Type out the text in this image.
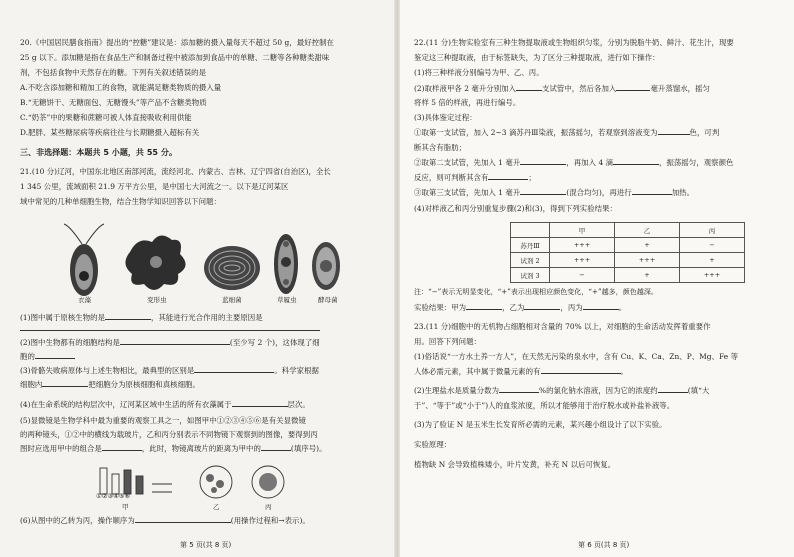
20.《中国居民膳食指南》提出的“控糖”建议是：添加糖的摄入量每天不超过 50 g，最好控制在
25 g 以下。添加糖是指在食品生产和制备过程中被添加到食品中的单糖、二糖等各种糖类甜味
剂，不包括食物中天然存在的糖。下列有关叙述错误的是
A.不吃含添加糖和精加工的食物，就能满足糖类物质的摄入量
B.“无糖饼干、无糖面包、无糖馒头”等产品不含糖类物质
C.“奶茶”中的果糖和蔗糖可被人体直接吸收利用供能
D.肥胖、某些糖尿病等疾病往往与长期糖摄入超标有关
三、非选择题：本题共 5 小题，共 55 分。
21.(10 分)辽河，中国东北地区南部河流，流经河北、内蒙古、吉林、辽宁四省(自治区)，全长
1 345 公里，流域面积 21.9 万平方公里，是中国七大河流之一。以下是辽河某区
域中常见的几种单细胞生物，结合生物学知识回答以下问题：
衣藻	变形虫	蓝细菌	草履虫	酵母菌
(1)图中属于原核生物的是	，其能进行光合作用的主要原因是
(2)图中生物都有的细胞结构是	(至少写 2 个)，这体现了细
胞的
(3)骨骼失败病原体与上述生物相比，最典型的区别是	。科学家根据
细胞内	把细胞分为原核细胞和真核细胞。
(4)在生命系统的结构层次中，辽河某区域中生活的所有衣藻属于	层次。
(5)显微镜是生物学科中最为重要的观察工具之一，如图甲中①②③④⑤⑥是有关显微镜
的两种镜头，①②中的横线为载玻片，乙和丙分别表示不同物镜下观察到的图像，要得到丙
图时应选用甲中的组合是	，此时，物镜离玻片的距离为甲中的	(填序号)。
①②③④⑤⑥
甲	乙	丙
(6)从图中的乙转为丙，操作顺序为	(用操作过程和→表示)。
第 5 页(共 8 页)
22.(11 分)生物实验室有三种生物提取液或生物组织匀浆，分别为脱脂牛奶、鲜汁、花生汁，现要
鉴定这三种提取液，由于标签缺失，为了区分三种提取液，进行如下操作：
(1)将三种样液分别编号为甲、乙、丙。
(2)取样液甲各 2 毫升分别加入	支试管中，然后各加入	毫升蒸馏水，摇匀
将样 5 倍的样液，再进行编号。
(3)具体鉴定过程：
①取第一支试管，加入 2~3 滴苏丹Ⅲ染液，振荡摇匀，若观察到溶液变为	色，可判
断其含有脂肪；
②取第二支试管，先加入 1 毫升	，再加入 4 滴	，振荡摇匀，观察颜色
反应，则可判断其含有	；
③取第三支试管，先加入 1 毫升	(混合均匀)，再进行	加热。
(4)对样液乙和丙分别重复步骤(2)和(3)，得到下列实验结果：
	甲	乙	丙
苏丹Ⅲ	+++	+	−
试剂 2	+++	+++	+
试剂 3	−	+	+++
注：“−”表示无明显变化，“+”表示出现相应颜色变化，“+”越多，颜色越深。
实验结果：甲为	，乙为	，丙为	。
23.(11 分)细胞中的无机物占细胞相对含量的 70% 以上，对细胞的生命活动发挥着重要作
用。回答下列问题：
(1)俗话说“一方水土养一方人”，在天然无污染的泉水中，含有 Cu、K、Ca、Zn、P、Mg、Fe 等
人体必需元素，其中属于微量元素的有	。
(2)生理盐水是质量分数为	%的氯化钠水溶液，因为它的浓度约	(填“大
于”、“等于”或“小于”)人的血浆浓度，所以才能够用于治疗脱水或补盐补液等。
(3)为了验证 N 是玉米生长发育所必需的元素，某兴趣小组设计了以下实验。
实验原理：
植物缺 N 会导致植株矮小，叶片发黄，补充 N 以后可恢复。
第 6 页(共 8 页)
